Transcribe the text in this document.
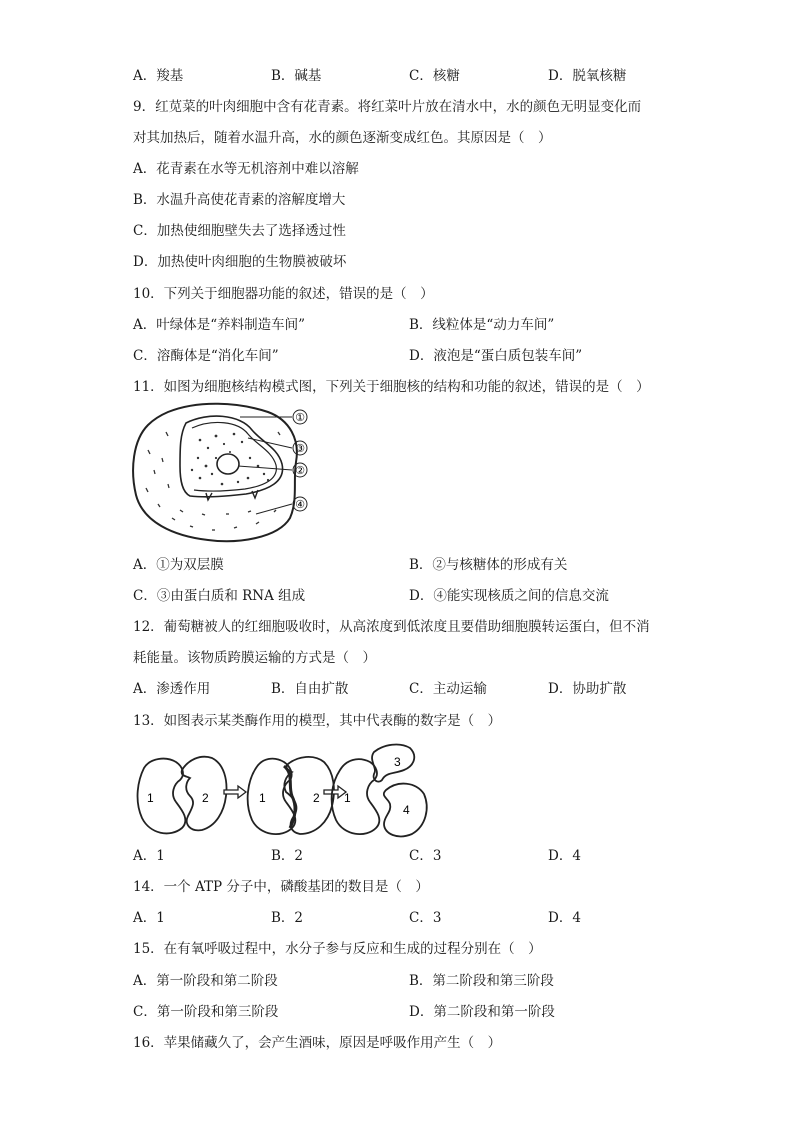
A．羧基	B．碱基	C．核糖	D．脱氧核糖
9．红苋菜的叶肉细胞中含有花青素。将红菜叶片放在清水中，水的颜色无明显变化而
对其加热后，随着水温升高，水的颜色逐渐变成红色。其原因是（　）
A．花青素在水等无机溶剂中难以溶解
B．水温升高使花青素的溶解度增大
C．加热使细胞壁失去了选择透过性
D．加热使叶肉细胞的生物膜被破坏
10．下列关于细胞器功能的叙述，错误的是（　）
A．叶绿体是“养料制造车间”	B．线粒体是“动力车间”
C．溶酶体是“消化车间”	D．液泡是“蛋白质包装车间”
11．如图为细胞核结构模式图，下列关于细胞核的结构和功能的叙述，错误的是（　）
①
③
②
④
A．①为双层膜	B．②与核糖体的形成有关
C．③由蛋白质和 RNA 组成	D．④能实现核质之间的信息交流
12．葡萄糖被人的红细胞吸收时，从高浓度到低浓度且要借助细胞膜转运蛋白，但不消
耗能量。该物质跨膜运输的方式是（　）
A．渗透作用	B．自由扩散	C．主动运输	D．协助扩散
13．如图表示某类酶作用的模型，其中代表酶的数字是（　）
1	2	1	2 1
3
4
A．1	B．2	C．3	D．4
14．一个 ATP 分子中，磷酸基团的数目是（　）
A．1	B．2	C．3	D．4
15．在有氧呼吸过程中，水分子参与反应和生成的过程分别在（　）
A．第一阶段和第二阶段	B．第二阶段和第三阶段
C．第一阶段和第三阶段	D．第二阶段和第一阶段
16．苹果储藏久了，会产生酒味，原因是呼吸作用产生（　）
